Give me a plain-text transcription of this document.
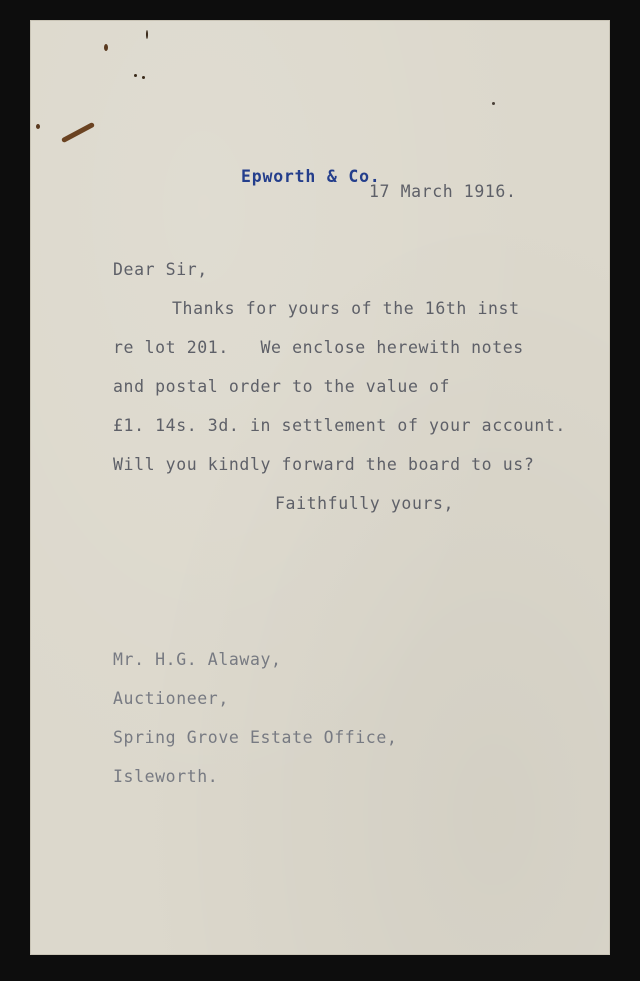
Epworth & Co.
17 March 1916.
Dear Sir,
Thanks for yours of the 16th inst
re lot 201.   We enclose herewith notes
and postal order to the value of
£1. 14s. 3d. in settlement of your account.
Will you kindly forward the board to us?
Faithfully yours,
Mr. H.G. Alaway,
Auctioneer,
Spring Grove Estate Office,
Isleworth.
